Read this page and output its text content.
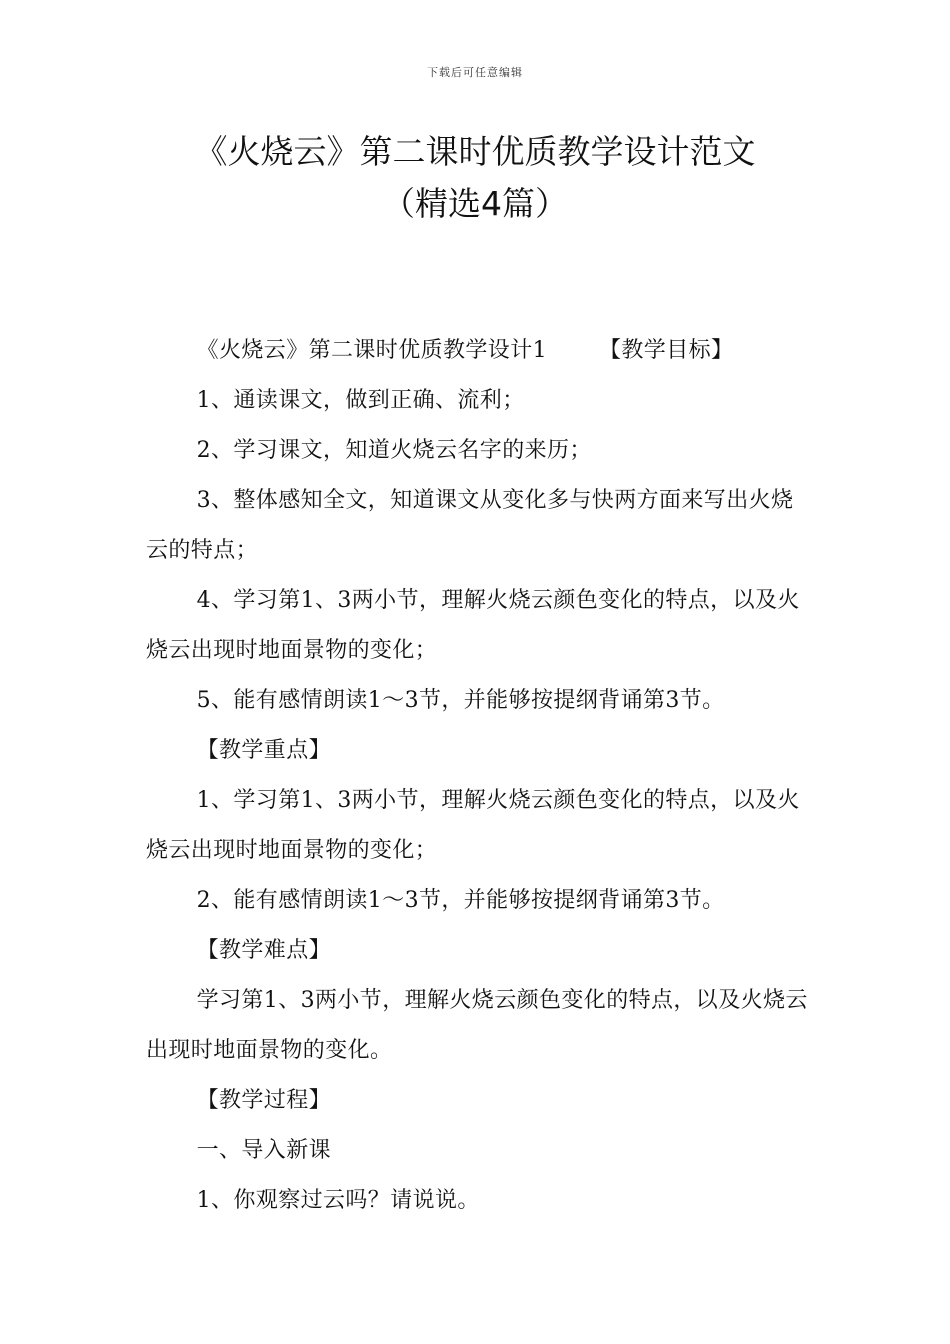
下载后可任意编辑
《火烧云》第二课时优质教学设计范文
（精选4篇）

《火烧云》第二课时优质教学设计1 【教学目标】

1、通读课文，做到正确、流利；

2、学习课文，知道火烧云名字的来历；

3、整体感知全文，知道课文从变化多与快两方面来写出火烧云的特点；

4、学习第1、3两小节，理解火烧云颜色变化的特点，以及火烧云出现时地面景物的变化；

5、能有感情朗读1～3节，并能够按提纲背诵第3节。

【教学重点】

1、学习第1、3两小节，理解火烧云颜色变化的特点，以及火烧云出现时地面景物的变化；

2、能有感情朗读1～3节，并能够按提纲背诵第3节。

【教学难点】

学习第1、3两小节，理解火烧云颜色变化的特点，以及火烧云出现时地面景物的变化。

【教学过程】

一、导入新课

1、你观察过云吗？请说说。
